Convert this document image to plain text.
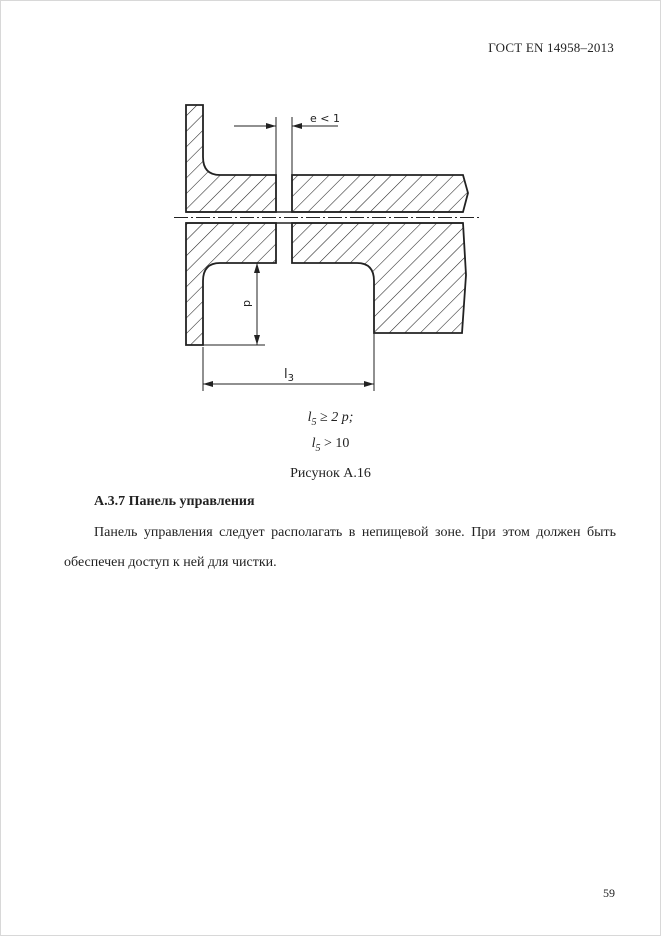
ГОСТ EN 14958–2013
e < 1
p
$l_3$
$l_5 \ge 2$ p;
$l_5 > 10$
Рисунок А.16
А.3.7 Панель управления
Панель управления следует располагать в непищевой зоне. При этом должен быть обеспечен доступ к ней для чистки.
59
